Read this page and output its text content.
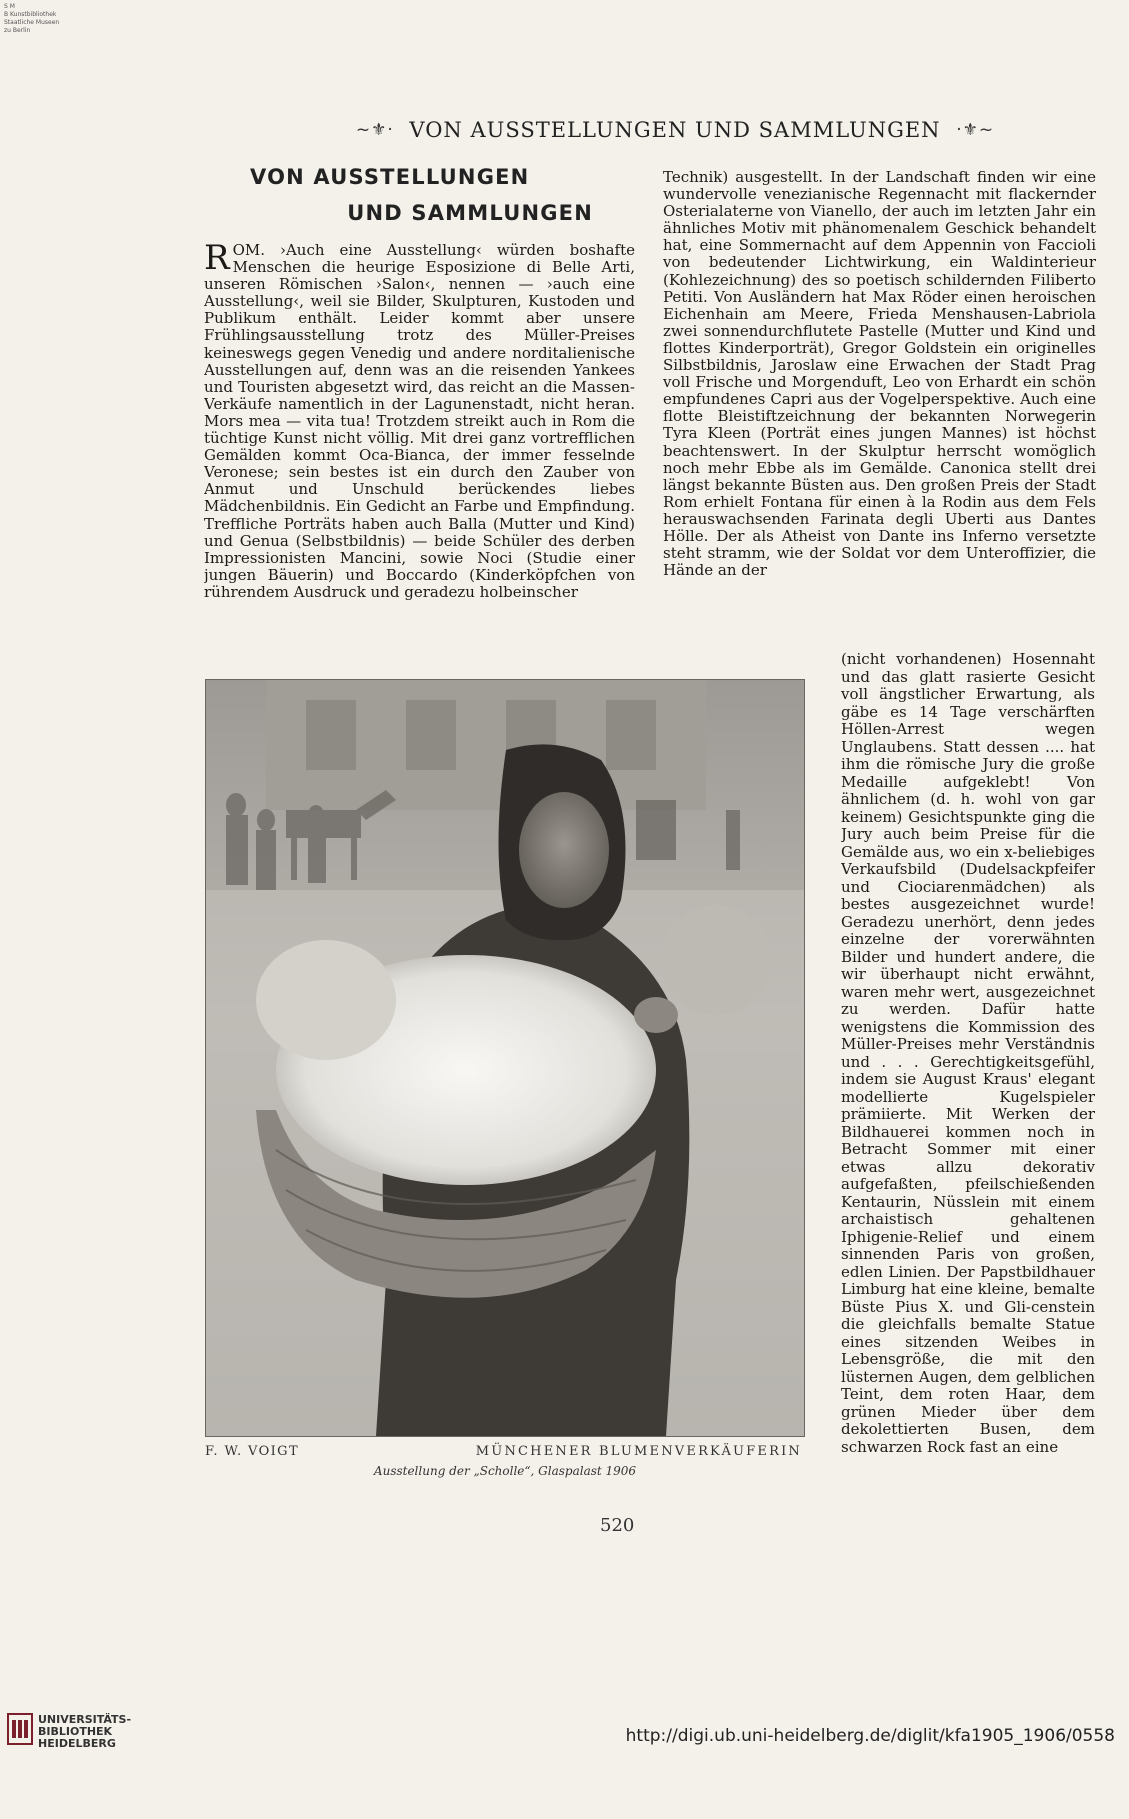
S M
B Kunstbibliothek
Staatliche Museen
zu Berlin
~⚜· VON AUSSTELLUNGEN UND SAMMLUNGEN ·⚜~
VON AUSSTELLUNGEN
UND SAMMLUNGEN
ROM. ›Auch eine Ausstellung‹ würden boshafte Menschen die heurige Esposizione di Belle Arti, unseren Römischen ›Salon‹, nennen — ›auch eine Ausstellung‹, weil sie Bilder, Skulpturen, Kustoden und Publikum enthält. Leider kommt aber unsere Frühlingsausstellung trotz des Müller-Preises keineswegs gegen Venedig und andere norditalienische Ausstellungen auf, denn was an die reisenden Yankees und Touristen abgesetzt wird, das reicht an die Massen-Verkäufe namentlich in der Lagunenstadt, nicht heran. Mors mea — vita tua! Trotzdem streikt auch in Rom die tüchtige Kunst nicht völlig. Mit drei ganz vortrefflichen Gemälden kommt Oca-Bianca, der immer fesselnde Veronese; sein bestes ist ein durch den Zauber von Anmut und Unschuld berückendes liebes Mädchenbildnis. Ein Gedicht an Farbe und Empfindung. Treffliche Porträts haben auch Balla (Mutter und Kind) und Genua (Selbstbildnis) — beide Schüler des derben Impressionisten Mancini, sowie Noci (Studie einer jungen Bäuerin) und Boccardo (Kinderköpfchen von rührendem Ausdruck und geradezu holbeinscher
Technik) ausgestellt. In der Landschaft finden wir eine wundervolle venezianische Regennacht mit flackernder Osterialaterne von Vianello, der auch im letzten Jahr ein ähnliches Motiv mit phänomenalem Geschick behandelt hat, eine Sommernacht auf dem Appennin von Faccioli von bedeutender Lichtwirkung, ein Waldinterieur (Kohlezeichnung) des so poetisch schildernden Filiberto Petiti. Von Ausländern hat Max Röder einen heroischen Eichenhain am Meere, Frieda Menshausen-Labriola zwei sonnendurchflutete Pastelle (Mutter und Kind und flottes Kinderporträt), Gregor Goldstein ein originelles Silbstbildnis, Jaroslaw eine Erwachen der Stadt Prag voll Frische und Morgenduft, Leo von Erhardt ein schön empfundenes Capri aus der Vogelperspektive. Auch eine flotte Bleistiftzeichnung der bekannten Norwegerin Tyra Kleen (Porträt eines jungen Mannes) ist höchst beachtenswert. In der Skulptur herrscht womöglich noch mehr Ebbe als im Gemälde. Canonica stellt drei längst bekannte Büsten aus. Den großen Preis der Stadt Rom erhielt Fontana für einen à la Rodin aus dem Fels herauswachsenden Farinata degli Uberti aus Dantes Hölle. Der als Atheist von Dante ins Inferno versetzte steht stramm, wie der Soldat vor dem Unteroffizier, die Hände an der
(nicht vorhandenen) Hosennaht und das glatt rasierte Gesicht voll ängstlicher Erwartung, als gäbe es 14 Tage verschärften Höllen-Arrest wegen Unglaubens. Statt dessen .... hat ihm die römische Jury die große Medaille aufgeklebt! Von ähnlichem (d. h. wohl von gar keinem) Gesichtspunkte ging die Jury auch beim Preise für die Gemälde aus, wo ein x-beliebiges Verkaufsbild (Dudelsackpfeifer und Ciociarenmädchen) als bestes ausgezeichnet wurde! Geradezu unerhört, denn jedes einzelne der vorerwähnten Bilder und hundert andere, die wir überhaupt nicht erwähnt, waren mehr wert, ausgezeichnet zu werden. Dafür hatte wenigstens die Kommission des Müller-Preises mehr Verständnis und . . . Gerechtigkeitsgefühl, indem sie August Kraus' elegant modellierte Kugelspieler prämiierte. Mit Werken der Bildhauerei kommen noch in Betracht Sommer mit einer etwas allzu dekorativ aufgefaßten, pfeilschießenden Kentaurin, Nüsslein mit einem archaistisch gehaltenen Iphigenie-Relief und einem sinnenden Paris von großen, edlen Linien. Der Papstbildhauer Limburg hat eine kleine, bemalte Büste Pius X. und Gli-censtein die gleichfalls bemalte Statue eines sitzenden Weibes in Lebensgröße, die mit den lüsternen Augen, dem gelblichen Teint, dem roten Haar, dem grünen Mieder über dem dekolettierten Busen, dem schwarzen Rock fast an eine
F. W. VOIGT	MÜNCHENER BLUMENVERKÄUFERIN
Ausstellung der „Scholle“, Glaspalast 1906
520
UNIVERSITÄTS-
BIBLIOTHEK
HEIDELBERG	http://digi.ub.uni-heidelberg.de/diglit/kfa1905_1906/0558
